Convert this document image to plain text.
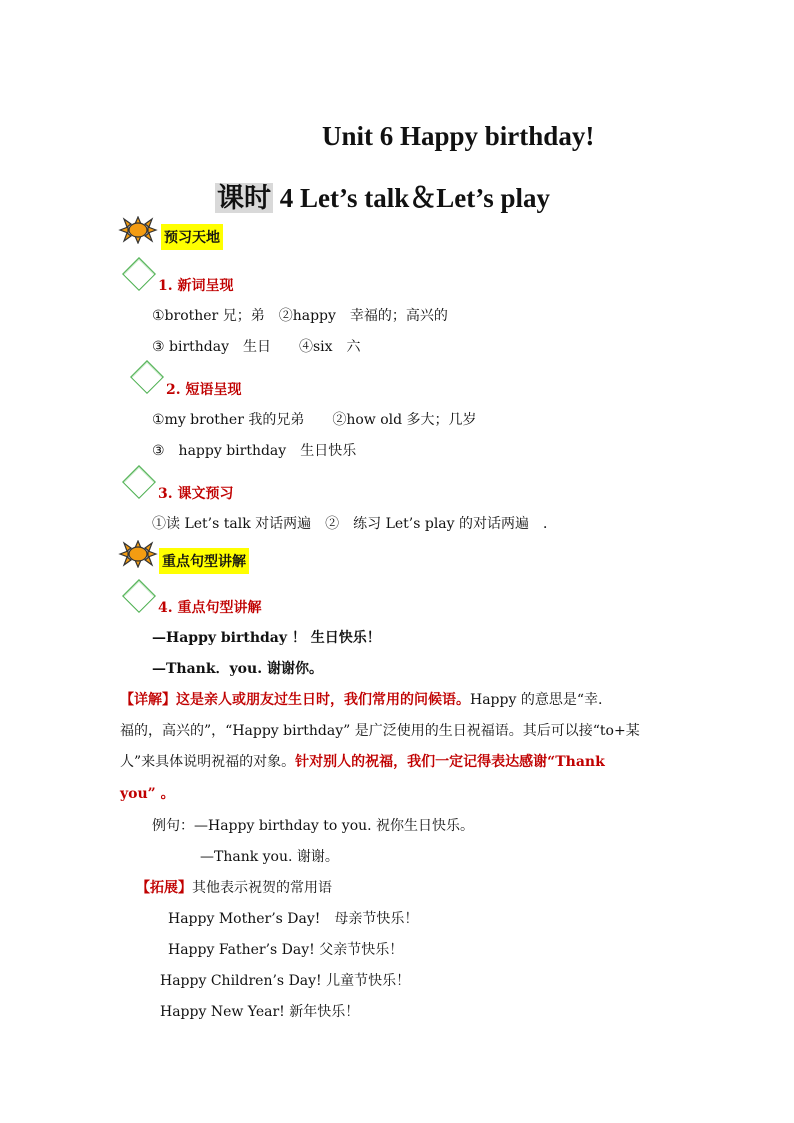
Unit 6 Happy birthday!
课时 4 Let’s talk＆Let’s play
预习天地
1. 新词呈现
①brother 兄；弟　②happy　幸福的；高兴的
③ birthday　生日　　④six　六
2. 短语呈现
①my brother 我的兄弟　　②how old 多大；几岁
③　happy birthday　生日快乐
3. 课文预习
①读 Let’s talk 对话两遍　②　练习 Let’s play 的对话两遍　．
重点句型讲解
4. 重点句型讲解
—Happy birthday ！ 生日快乐！
—Thank．you. 谢谢你。
【详解】这是亲人或朋友过生日时，我们常用的问候语。Happy 的意思是“幸.
福的，高兴的”，“Happy birthday” 是广泛使用的生日祝福语。其后可以接“to+某
人”来具体说明祝福的对象。针对别人的祝福，我们一定记得表达感谢“Thank
you” 。
例句：—Happy birthday to you. 祝你生日快乐。
—Thank you. 谢谢。
【拓展】其他表示祝贺的常用语
Happy Mother’s Day!　母亲节快乐！
Happy Father’s Day! 父亲节快乐！
Happy Children’s Day! 儿童节快乐！
Happy New Year! 新年快乐！
